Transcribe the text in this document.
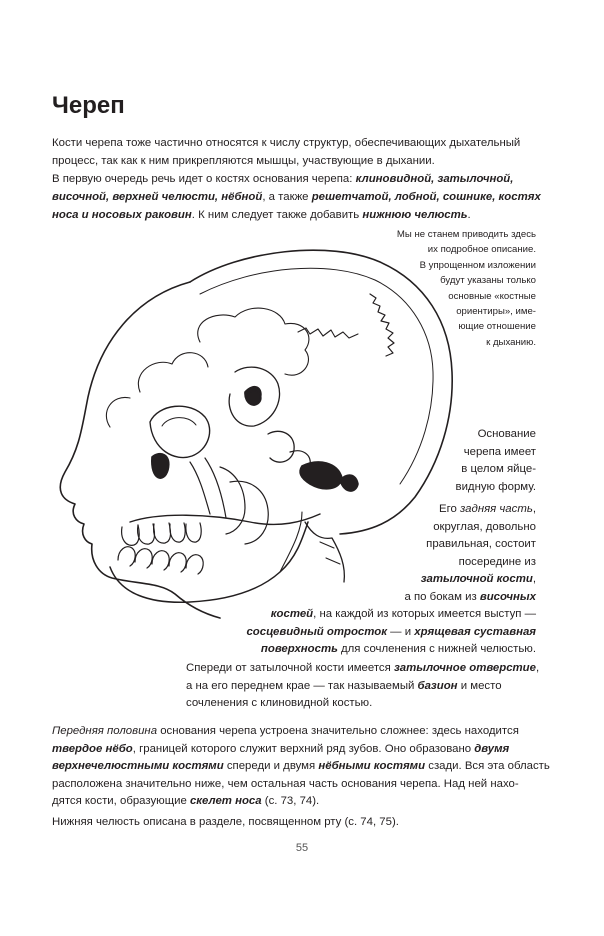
Череп

Кости черепа тоже частично относятся к числу структур, обеспечивающих дыхательный процесс, так как к ним прикрепляются мышцы, участвующие в дыхании.

В первую очередь речь идет о костях основания черепа: клиновидной, затылочной, височной, верхней челюсти, нёбной, а также решетчатой, лобной, сошнике, костях носа и носовых раковин. К ним следует также добавить нижнюю челюсть.

Мы не станем приводить здесь
их подробное описание.
В упрощенном изложении
будут указаны только
основные «костные
ориентиры», име-
ющие отношение
к дыханию.
Основание
черепа имеет
в целом яйце-
видную форму.
Его задняя часть,
округлая, довольно
правильная, состоит
посередине из
затылочной кости,
а по бокам из височных
костей, на каждой из которых имеется выступ —
сосцевидный отросток — и хрящевая суставная
поверхность для сочленения с нижней челюстью.
Спереди от затылочной кости имеется затылочное отверстие,
а на его переднем крае — так называемый базион и место
сочленения с клиновидной костью.
Передняя половина основания черепа устроена значительно сложнее: здесь находится
твердое нёбо, границей которого служит верхний ряд зубов. Оно образовано двумя
верхнечелюстными костями спереди и двумя нёбными костями сзади. Вся эта область
расположена значительно ниже, чем остальная часть основания черепа. Над ней нахо-
дятся кости, образующие скелет носа (с. 73, 74).
Нижняя челюсть описана в разделе, посвященном рту (с. 74, 75).
55
